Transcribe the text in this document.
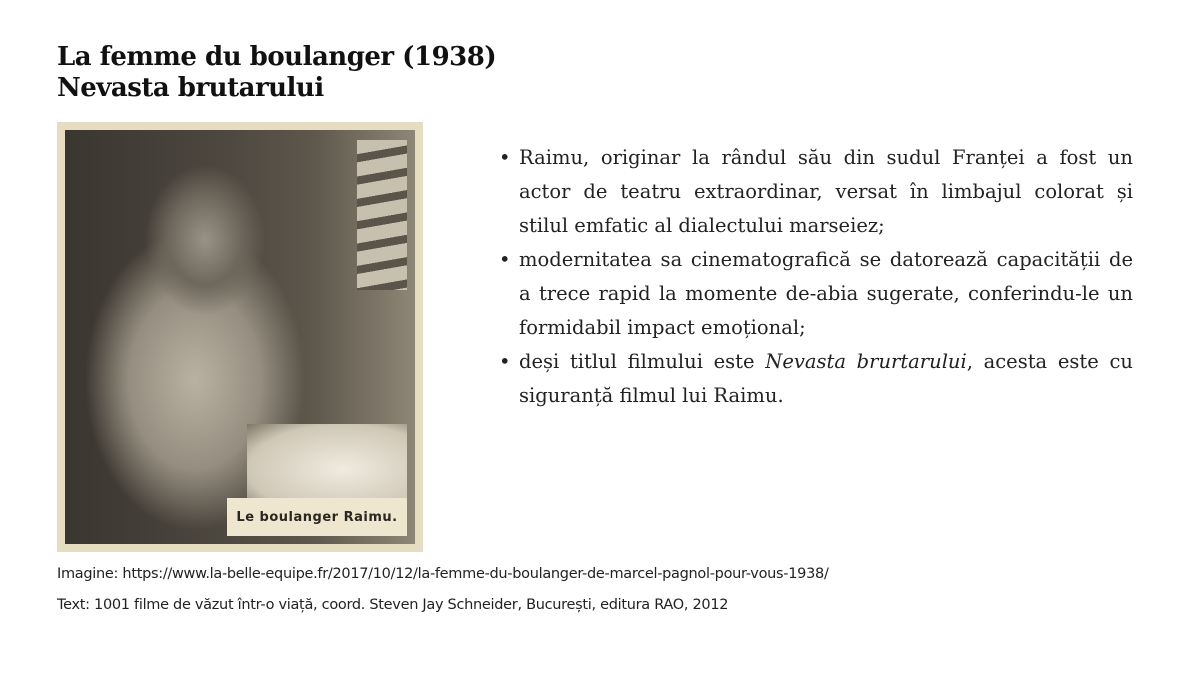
La femme du boulanger (1938)
Nevasta brutarului
Le boulanger Raimu.
• Raimu, originar la rândul său din sudul Franței a fost un actor de teatru extraordinar, versat în limbajul colorat și stilul emfatic al dialectului marseiez;
• modernitatea sa cinematografică se datorează capacității de a trece rapid la momente de-abia sugerate, conferindu-le un formidabil impact emoțional;
• deși titlul filmului este Nevasta brurtarului, acesta este cu siguranță filmul lui Raimu.
Imagine: https://www.la-belle-equipe.fr/2017/10/12/la-femme-du-boulanger-de-marcel-pagnol-pour-vous-1938/
Text: 1001 filme de văzut într-o viață, coord. Steven Jay Schneider, București, editura RAO, 2012
